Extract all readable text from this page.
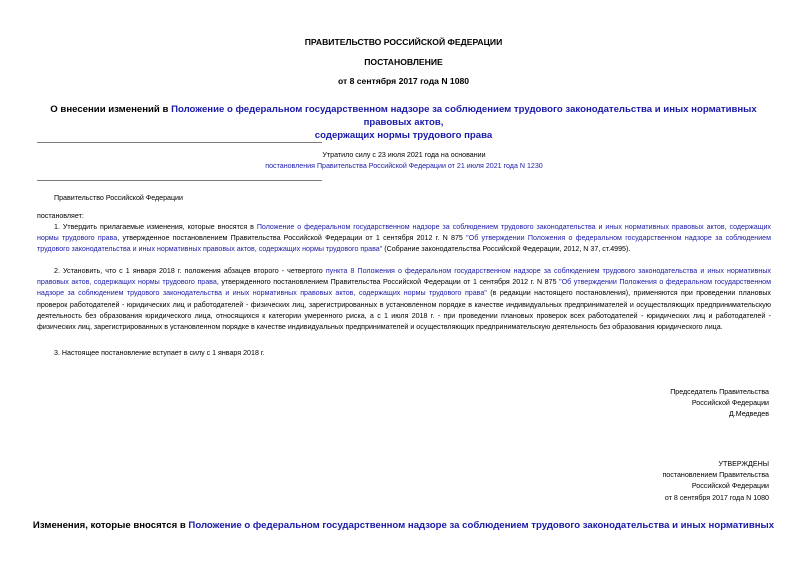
ПРАВИТЕЛЬСТВО РОССИЙСКОЙ ФЕДЕРАЦИИ
ПОСТАНОВЛЕНИЕ
от 8 сентября 2017 года N 1080
О внесении изменений в Положение о федеральном государственном надзоре за соблюдением трудового законодательства и иных нормативных правовых актов,
содержащих нормы трудового права
Утратило силу с 23 июля 2021 года на основании
постановления Правительства Российской Федерации от 21 июля 2021 года N 1230
Правительство Российской Федерации
постановляет:
1. Утвердить прилагаемые изменения, которые вносятся в Положение о федеральном государственном надзоре за соблюдением трудового законодательства и иных нормативных правовых актов, содержащих нормы трудового права, утвержденное постановлением Правительства Российской Федерации от 1 сентября 2012 г. N 875 "Об утверждении Положения о федеральном государственном надзоре за соблюдением трудового законодательства и иных нормативных правовых актов, содержащих нормы трудового права" (Собрание законодательства Российской Федерации, 2012, N 37, ст.4995).
2. Установить, что с 1 января 2018 г. положения абзацев второго - четвертого пункта 8 Положения о федеральном государственном надзоре за соблюдением трудового законодательства и иных нормативных правовых актов, содержащих нормы трудового права, утвержденного постановлением Правительства Российской Федерации от 1 сентября 2012 г. N 875 "Об утверждении Положения о федеральном государственном надзоре за соблюдением трудового законодательства и иных нормативных правовых актов, содержащих нормы трудового права" (в редакции настоящего постановления), применяются при проведении плановых проверок работодателей - юридических лиц и работодателей - физических лиц, зарегистрированных в установленном порядке в качестве индивидуальных предпринимателей и осуществляющих предпринимательскую деятельность без образования юридического лица, относящихся к категории умеренного риска, а с 1 июля 2018 г. - при проведении плановых проверок всех работодателей - юридических лиц и работодателей - физических лиц, зарегистрированных в установленном порядке в качестве индивидуальных предпринимателей и осуществляющих предпринимательскую деятельность без образования юридического лица.
3. Настоящее постановление вступает в силу с 1 января 2018 г.
Председатель Правительства
Российской Федерации
Д.Медведев
УТВЕРЖДЕНЫ
постановлением Правительства
Российской Федерации
от 8 сентября 2017 года N 1080
Изменения, которые вносятся в Положение о федеральном государственном надзоре за соблюдением трудового законодательства и иных нормативных
